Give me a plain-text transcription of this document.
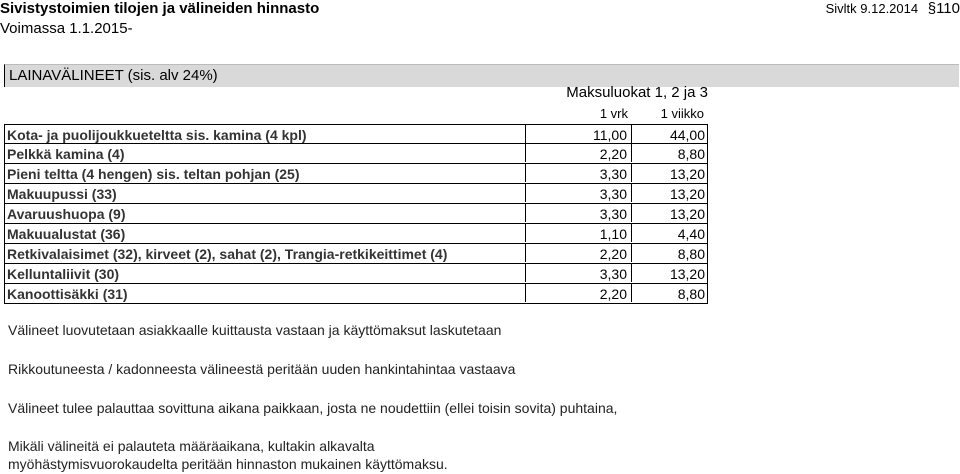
Sivistystoimien tilojen ja välineiden hinnasto
Voimassa 1.1.2015-
Sivltk 9.12.2014 §110
LAINAVÄLINEET (sis. alv 24%)
Maksuluokat 1, 2 ja 3
1 vrk	1 viikko
Kota- ja puolijoukkueteltta sis. kamina (4 kpl)	11,00	44,00
Pelkkä kamina (4)	2,20	8,80
Pieni teltta (4 hengen) sis. teltan pohjan (25)	3,30	13,20
Makuupussi (33)	3,30	13,20
Avaruushuopa (9)	3,30	13,20
Makuualustat (36)	1,10	4,40
Retkivalaisimet (32), kirveet (2), sahat (2), Trangia-retkikeittimet (4)	2,20	8,80
Kelluntaliivit (30)	3,30	13,20
Kanoottisäkki (31)	2,20	8,80
Välineet luovutetaan asiakkaalle kuittausta vastaan ja käyttömaksut laskutetaan
Rikkoutuneesta / kadonneesta välineestä peritään uuden hankintahintaa vastaava
Välineet tulee palauttaa sovittuna aikana paikkaan, josta ne noudettiin (ellei toisin sovita) puhtaina,
Mikäli välineitä ei palauteta määräaikana, kultakin alkavalta
myöhästymisvuorokaudelta peritään hinnaston mukainen käyttömaksu.
